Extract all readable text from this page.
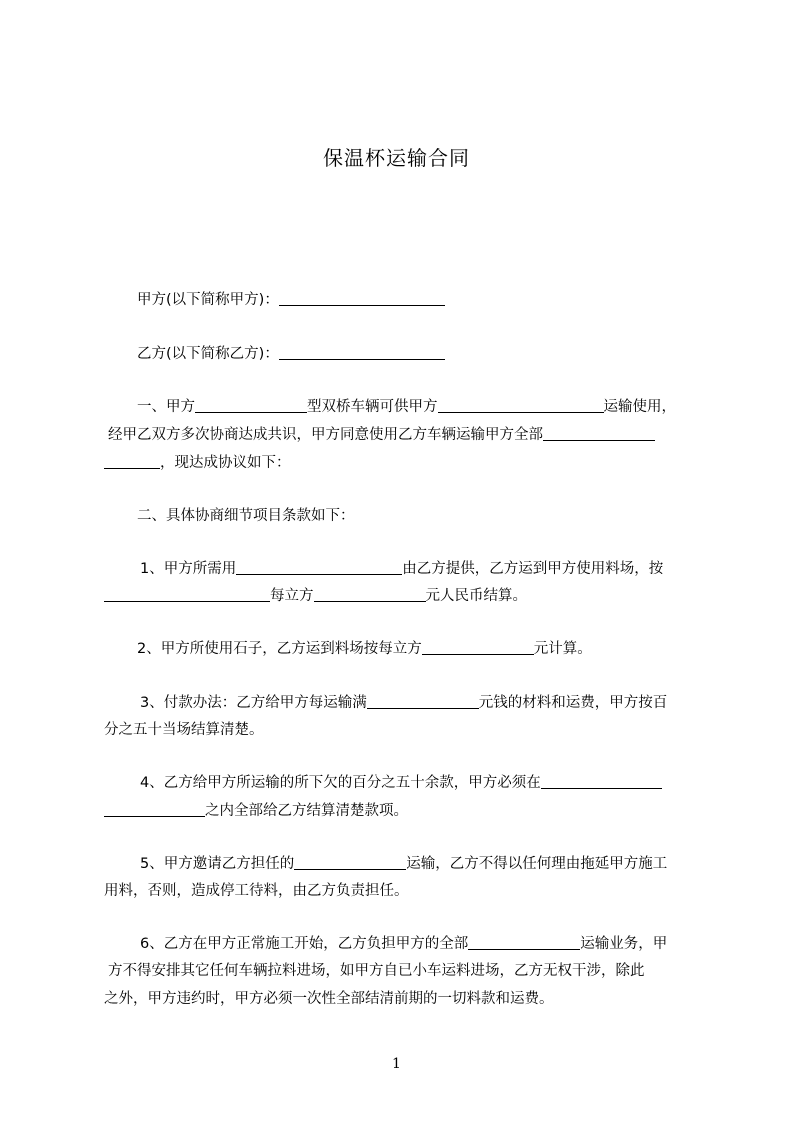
保温杯运输合同
甲方(以下简称甲方)：
乙方(以下简称乙方)：
一、甲方	型双桥车辆可供甲方	运输使用，
经甲乙双方多次协商达成共识，甲方同意使用乙方车辆运输甲方全部
，现达成协议如下：
二、具体协商细节项目条款如下：
1、甲方所需用	由乙方提供，乙方运到甲方使用料场，按
每立方	元人民币结算。
2、甲方所使用石子，乙方运到料场按每立方	元计算。
3、付款办法：乙方给甲方每运输满	元钱的材料和运费，甲方按百
分之五十当场结算清楚。
4、乙方给甲方所运输的所下欠的百分之五十余款，甲方必须在
之内全部给乙方结算清楚款项。
5、甲方邀请乙方担任的	运输，乙方不得以任何理由拖延甲方施工
用料，否则，造成停工待料，由乙方负责担任。
6、乙方在甲方正常施工开始，乙方负担甲方的全部	运输业务，甲
方不得安排其它任何车辆拉料进场，如甲方自已小车运料进场，乙方无权干涉，除此
之外，甲方违约时，甲方必须一次性全部结清前期的一切料款和运费。
1
